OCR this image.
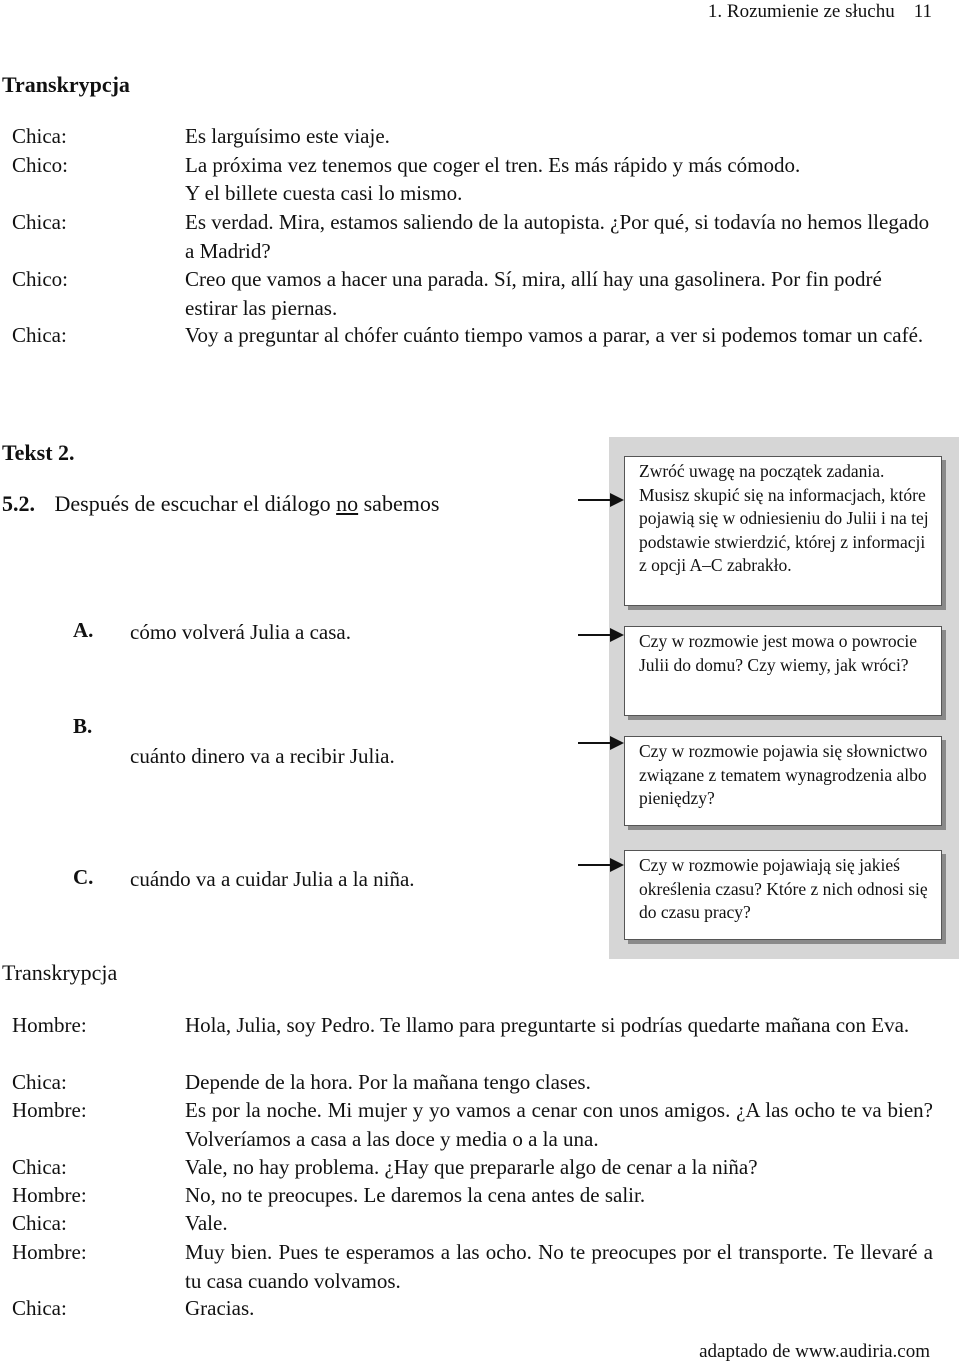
1. Rozumienie ze słuchu    11
Transkrypcja
Chica:	Es larguísimo este viaje.
Chico:	La próxima vez tenemos que coger el tren. Es más rápido y más cómodo.
Y el billete cuesta casi lo mismo.
Chica:	Es verdad. Mira, estamos saliendo de la autopista. ¿Por qué, si todavía no hemos llegado a Madrid?
Chico:	Creo que vamos a hacer una parada. Sí, mira, allí hay una gasolinera. Por fin podré estirar las piernas.
Chica:	Voy a preguntar al chófer cuánto tiempo vamos a parar, a ver si podemos tomar un café.
Tekst 2.
5.2. Después de escuchar el diálogo no sabemos
A. cómo volverá Julia a casa.
B.
cuánto dinero va a recibir Julia.
C. cuándo va a cuidar Julia a la niña.
Zwróć uwagę na początek zadania. Musisz skupić się na informacjach, które pojawią się w odniesieniu do Julii i na tej podstawie stwierdzić, której z informacji z opcji A–C zabrakło.
Czy w rozmowie jest mowa o powrocie Julii do domu? Czy wiemy, jak wróci?
Czy w rozmowie pojawia się słownictwo związane z tematem wynagrodzenia albo pieniędzy?
Czy w rozmowie pojawiają się jakieś określenia czasu? Które z nich odnosi się do czasu pracy?
Transkrypcja
Hombre:	Hola, Julia, soy Pedro. Te llamo para preguntarte si podrías quedarte mañana con Eva.
Chica:	Depende de la hora. Por la mañana tengo clases.
Hombre:	Es por la noche. Mi mujer y yo vamos a cenar con unos amigos. ¿A las ocho te va bien? Volveríamos a casa a las doce y media o a la una.
Chica:	Vale, no hay problema. ¿Hay que prepararle algo de cenar a la niña?
Hombre:	No, no te preocupes. Le daremos la cena antes de salir.
Chica:	Vale.
Hombre:	Muy bien. Pues te esperamos a las ocho. No te preocupes por el transporte. Te llevaré a tu casa cuando volvamos.
Chica:	Gracias.
adaptado de www.audiria.com
